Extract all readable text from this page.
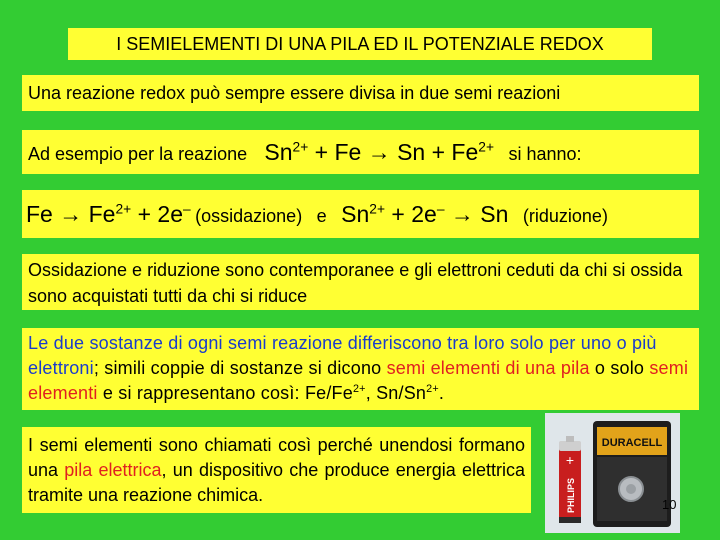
I SEMIELEMENTI DI UNA PILA ED IL POTENZIALE REDOX
Una reazione redox può sempre essere divisa in due semi reazioni
Ad esempio per la reazione $Sn^{2+} + Fe \to Sn + Fe^{2+}$ si hanno:
$Fe \to Fe^{2+} + 2e^-$ (ossidazione) e $Sn^{2+} + 2e^- \to Sn$ (riduzione)
Ossidazione e riduzione sono contemporanee e gli elettroni ceduti da chi si ossida sono acquistati tutti da chi si riduce
Le due sostanze di ogni semi reazione differiscono tra loro solo per uno o più elettroni; simili coppie di sostanze si dicono semi elementi di una pila o solo semi elementi e si rappresentano così: $Fe/Fe^{2+}$, $Sn/Sn^{2+}$.
I semi elementi sono chiamati così perché unendosi formano una pila elettrica, un dispositivo che produce energia elettrica tramite una reazione chimica.
+
PHILIPS
DURACELL
10
